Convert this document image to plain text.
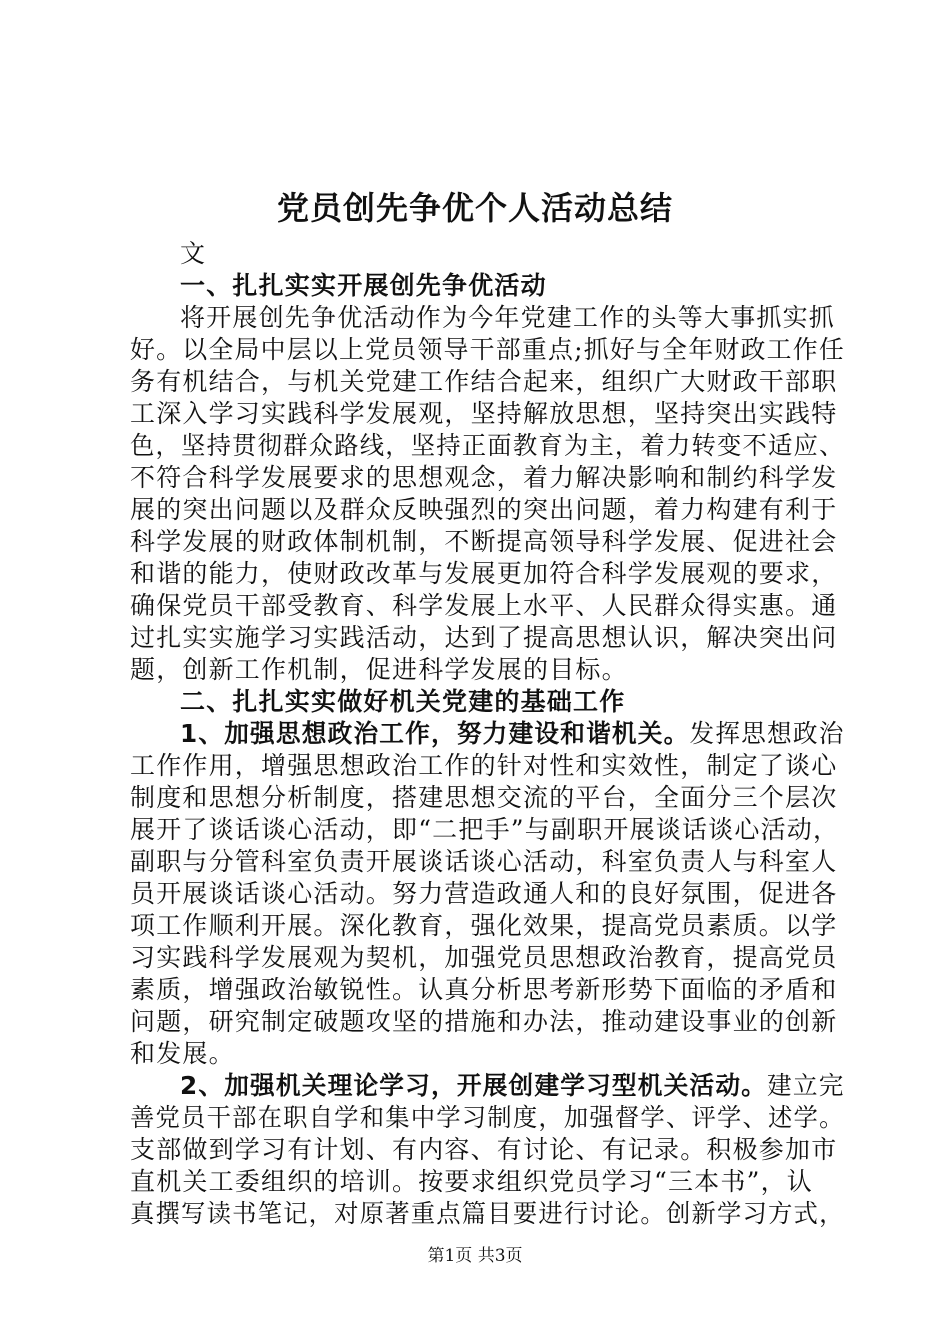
党员创先争优个人活动总结
文
一、扎扎实实开展创先争优活动
将开展创先争优活动作为今年党建工作的头等大事抓实抓
好。以全局中层以上党员领导干部重点;抓好与全年财政工作任
务有机结合，与机关党建工作结合起来，组织广大财政干部职
工深入学习实践科学发展观，坚持解放思想，坚持突出实践特
色，坚持贯彻群众路线，坚持正面教育为主，着力转变不适应、
不符合科学发展要求的思想观念，着力解决影响和制约科学发
展的突出问题以及群众反映强烈的突出问题，着力构建有利于
科学发展的财政体制机制，不断提高领导科学发展、促进社会
和谐的能力，使财政改革与发展更加符合科学发展观的要求，
确保党员干部受教育、科学发展上水平、人民群众得实惠。通
过扎实实施学习实践活动，达到了提高思想认识，解决突出问
题，创新工作机制，促进科学发展的目标。
二、扎扎实实做好机关党建的基础工作
1、加强思想政治工作，努力建设和谐机关。发挥思想政治
工作作用，增强思想政治工作的针对性和实效性，制定了谈心
制度和思想分析制度，搭建思想交流的平台，全面分三个层次
展开了谈话谈心活动，即“二把手”与副职开展谈话谈心活动，
副职与分管科室负责开展谈话谈心活动，科室负责人与科室人
员开展谈话谈心活动。努力营造政通人和的良好氛围，促进各
项工作顺利开展。深化教育，强化效果，提高党员素质。以学
习实践科学发展观为契机，加强党员思想政治教育，提高党员
素质，增强政治敏锐性。认真分析思考新形势下面临的矛盾和
问题，研究制定破题攻坚的措施和办法，推动建设事业的创新
和发展。
2、加强机关理论学习，开展创建学习型机关活动。建立完
善党员干部在职自学和集中学习制度，加强督学、评学、述学。
支部做到学习有计划、有内容、有讨论、有记录。积极参加市
直机关工委组织的培训。按要求组织党员学习“三本书”，认
真撰写读书笔记，对原著重点篇目要进行讨论。创新学习方式，
第1页 共3页
